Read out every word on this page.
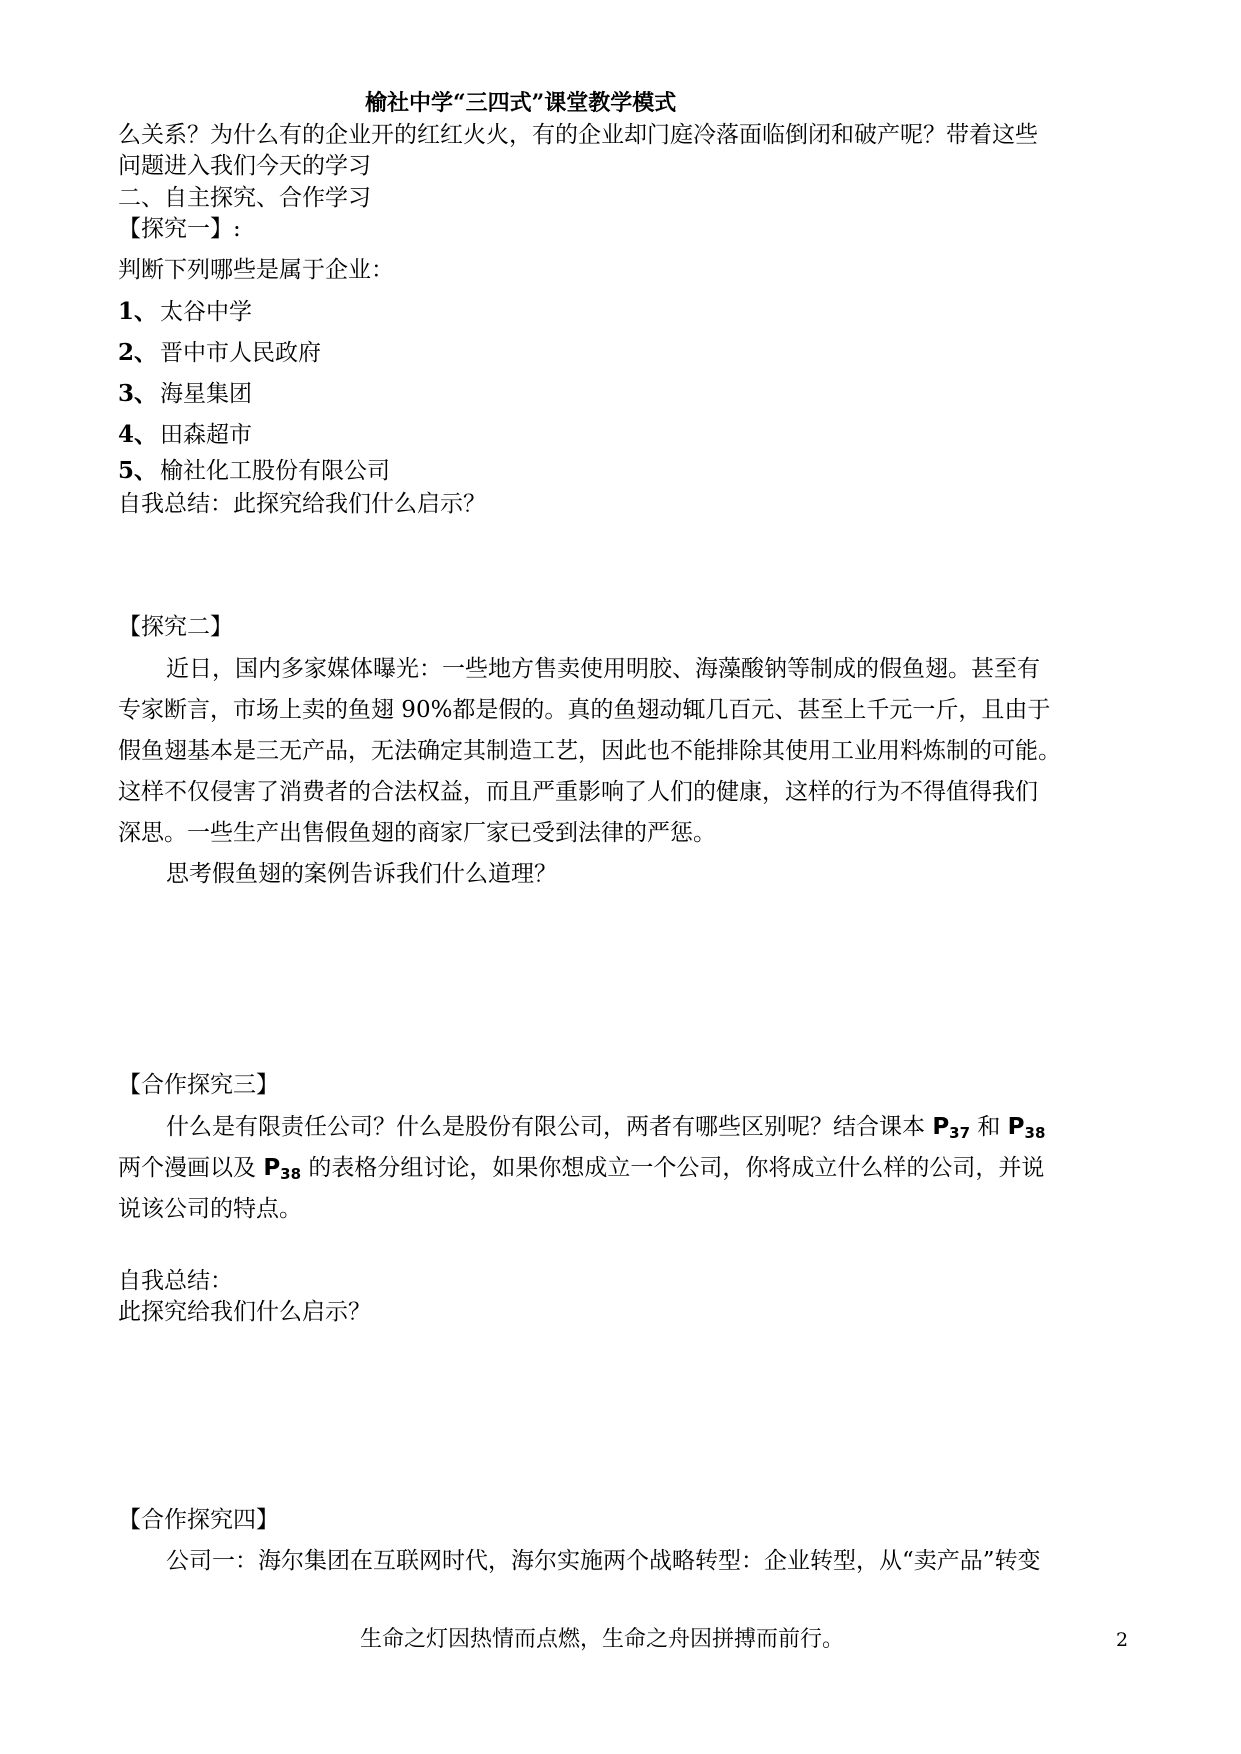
榆社中学“三四式”课堂教学模式
么关系？为什么有的企业开的红红火火，有的企业却门庭冷落面临倒闭和破产呢？带着这些
问题进入我们今天的学习
二、自主探究、合作学习
【探究一】:
判断下列哪些是属于企业：
1、 太谷中学
2、 晋中市人民政府
3、 海星集团
4、 田森超市
5、 榆社化工股份有限公司
自我总结：此探究给我们什么启示？
【探究二】
近日，国内多家媒体曝光：一些地方售卖使用明胶、海藻酸钠等制成的假鱼翅。甚至有
专家断言，市场上卖的鱼翅 90%都是假的。真的鱼翅动辄几百元、甚至上千元一斤，且由于
假鱼翅基本是三无产品，无法确定其制造工艺，因此也不能排除其使用工业用料炼制的可能。
这样不仅侵害了消费者的合法权益，而且严重影响了人们的健康，这样的行为不得值得我们
深思。一些生产出售假鱼翅的商家厂家已受到法律的严惩。
思考假鱼翅的案例告诉我们什么道理？
【合作探究三】
什么是有限责任公司？什么是股份有限公司，两者有哪些区别呢？结合课本 P37 和 P38
两个漫画以及 P38 的表格分组讨论，如果你想成立一个公司，你将成立什么样的公司，并说
说该公司的特点。
自我总结：
此探究给我们什么启示？
【合作探究四】
公司一：海尔集团在互联网时代，海尔实施两个战略转型：企业转型，从“卖产品”转变
生命之灯因热情而点燃，生命之舟因拼搏而前行。	2
